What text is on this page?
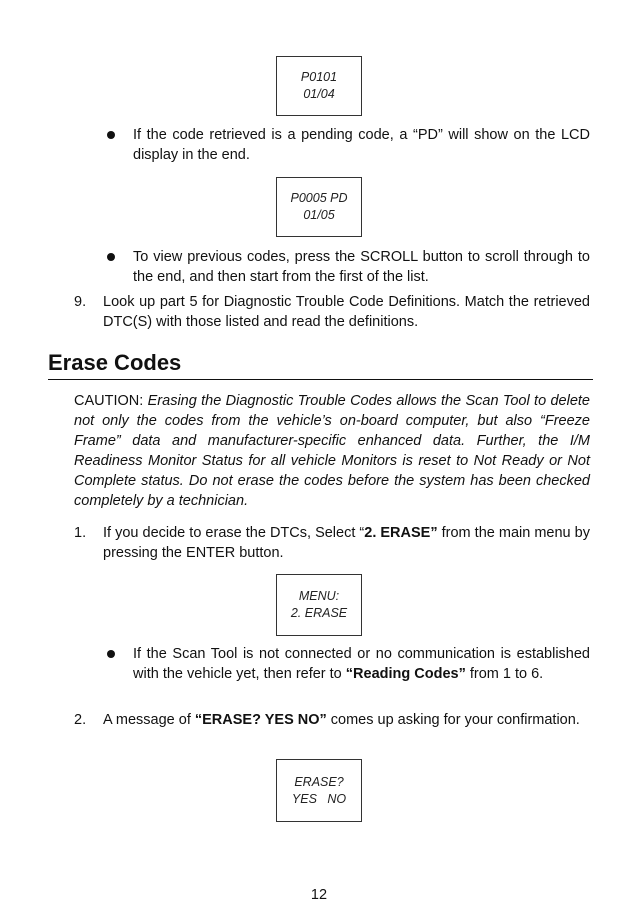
P0101
01/04
If the code retrieved is a pending code, a “PD” will show on the LCD display in the end.
P0005 PD
01/05
To view previous codes, press the SCROLL button to scroll through to the end, and then start from the first of the list.
9. Look up part 5 for Diagnostic Trouble Code Definitions. Match the retrieved DTC(S) with those listed and read the definitions.
Erase Codes
CAUTION: Erasing the Diagnostic Trouble Codes allows the Scan Tool to delete not only the codes from the vehicle’s on-board computer, but also “Freeze Frame” data and manufacturer-specific enhanced data. Further, the I/M Readiness Monitor Status for all vehicle Monitors is reset to Not Ready or Not Complete status. Do not erase the codes before the system has been checked completely by a technician.
1. If you decide to erase the DTCs, Select “2. ERASE” from the main menu by pressing the ENTER button.
MENU:
2. ERASE
If the Scan Tool is not connected or no communication is established with the vehicle yet, then refer to “Reading Codes” from 1 to 6.
2. A message of “ERASE? YES NO” comes up asking for your confirmation.
ERASE?
YES   NO
12
